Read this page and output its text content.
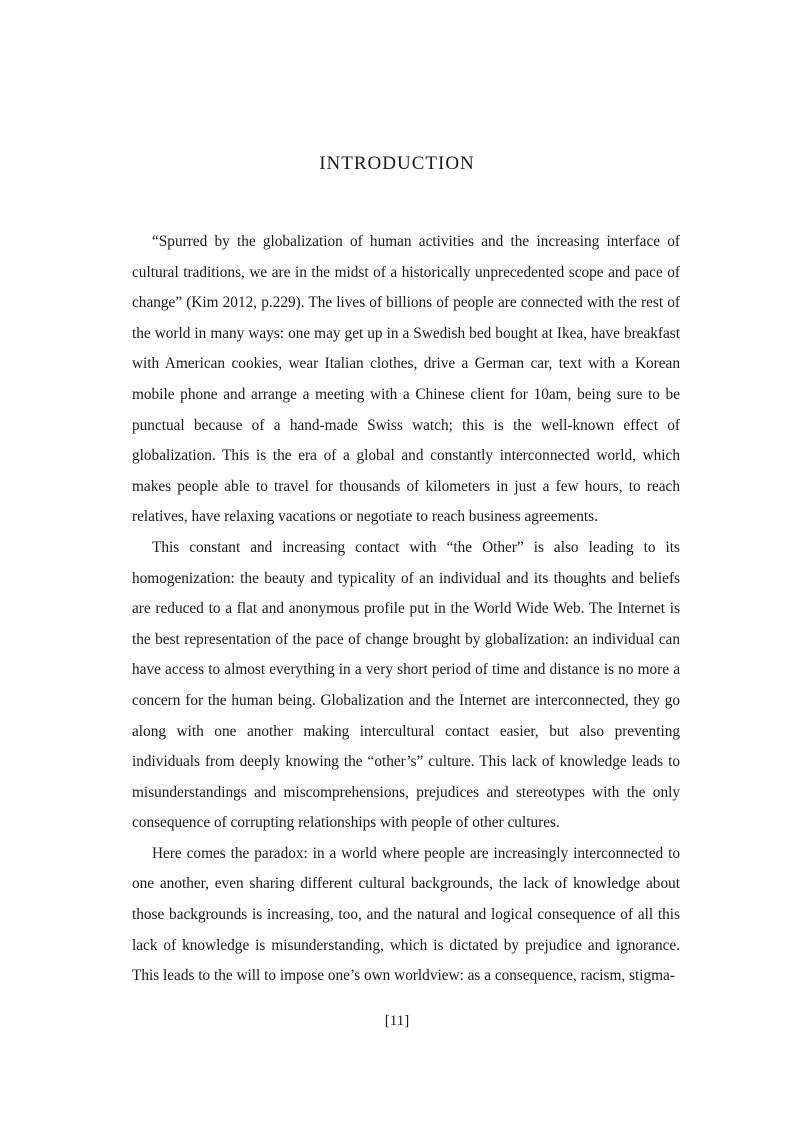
INTRODUCTION

“Spurred by the globalization of human activities and the increasing interface of cultural traditions, we are in the midst of a historically unprecedented scope and pace of change” (Kim 2012, p.229). The lives of billions of people are connected with the rest of the world in many ways: one may get up in a Swedish bed bought at Ikea, have breakfast with American cookies, wear Italian clothes, drive a German car, text with a Korean mobile phone and arrange a meeting with a Chinese client for 10am, being sure to be punctual because of a hand-made Swiss watch; this is the well-known effect of globalization. This is the era of a global and constantly interconnected world, which makes people able to travel for thousands of kilometers in just a few hours, to reach relatives, have relaxing vacations or negotiate to reach business agreements.

This constant and increasing contact with “the Other” is also leading to its homogenization: the beauty and typicality of an individual and its thoughts and beliefs are reduced to a flat and anonymous profile put in the World Wide Web. The Internet is the best representation of the pace of change brought by globalization: an individual can have access to almost everything in a very short period of time and distance is no more a concern for the human being. Globalization and the Internet are interconnected, they go along with one another making intercultural contact easier, but also preventing individuals from deeply knowing the “other’s” culture. This lack of knowledge leads to misunderstandings and miscomprehensions, prejudices and stereotypes with the only consequence of corrupting relationships with people of other cultures.

Here comes the paradox: in a world where people are increasingly interconnected to one another, even sharing different cultural backgrounds, the lack of knowledge about those backgrounds is increasing, too, and the natural and logical consequence of all this lack of knowledge is misunderstanding, which is dictated by prejudice and ignorance. This leads to the will to impose one’s own worldview: as a consequence, racism, stigma-

[11]
